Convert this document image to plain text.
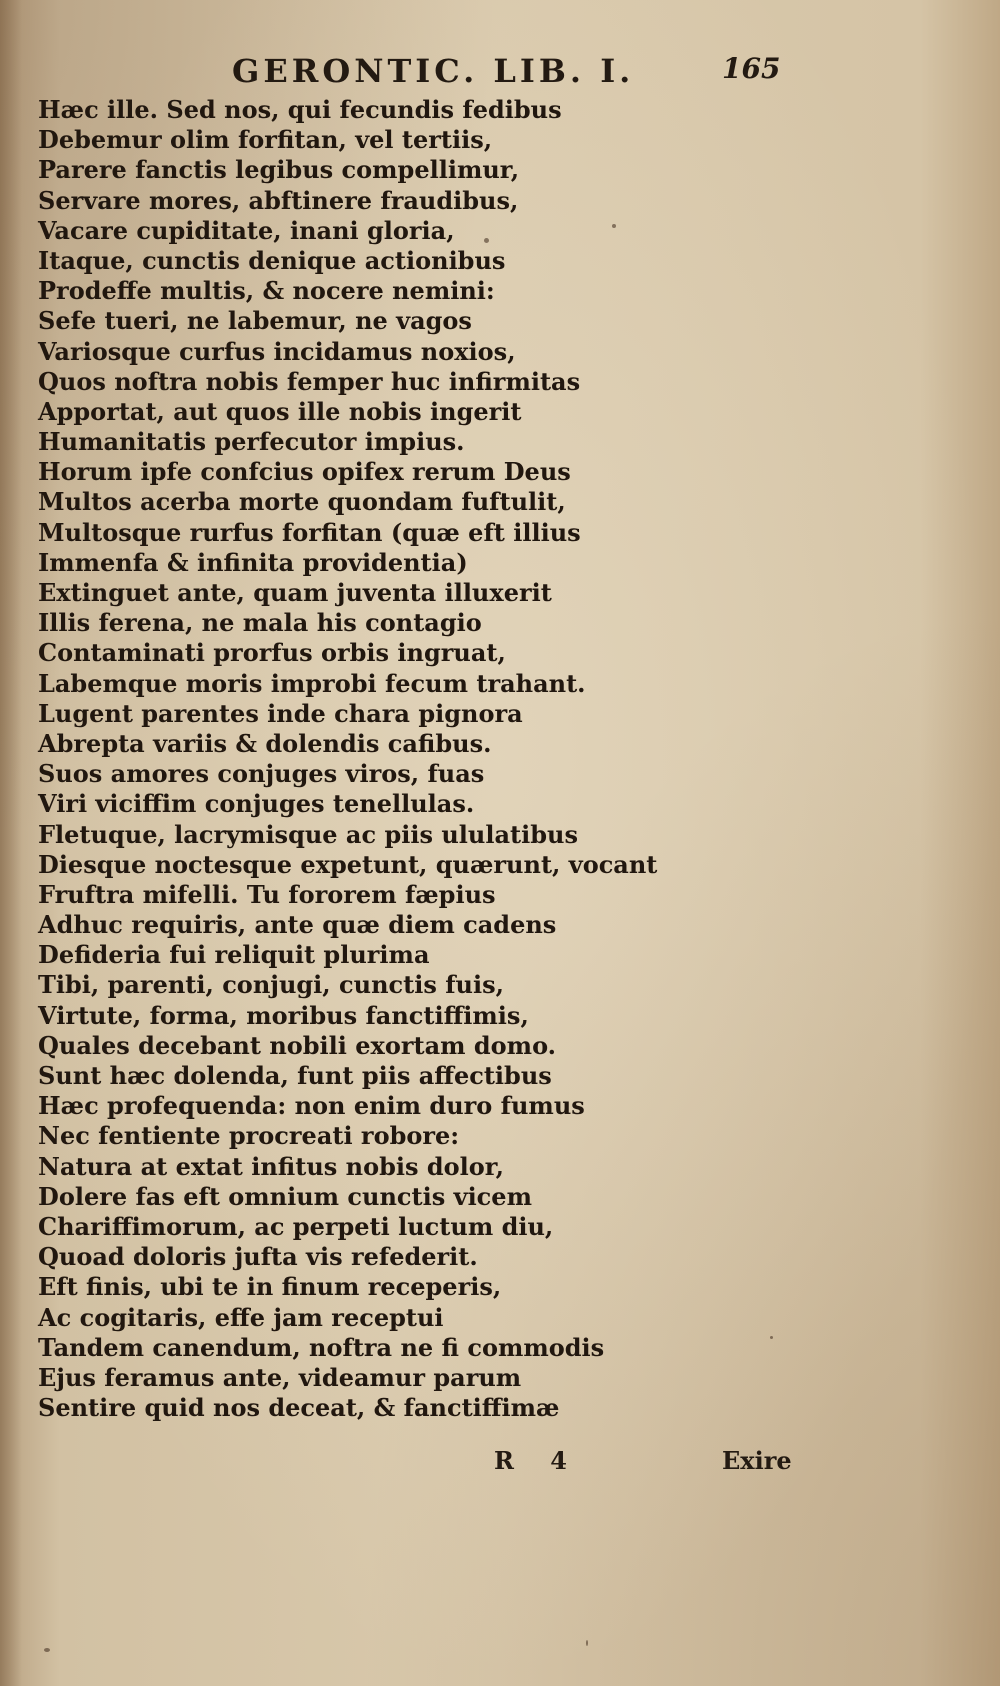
GERONTIC. LIB. I.	165
Hæc ille. Sed nos, qui fecundis fedibus
Debemur olim forfitan, vel tertiis,
Parere fanctis legibus compellimur,
Servare mores, abftinere fraudibus,
Vacare cupiditate, inani gloria,
Itaque, cunctis denique actionibus
Prodeffe multis, & nocere nemini:
Sefe tueri, ne labemur, ne vagos
Variosque curfus incidamus noxios,
Quos noftra nobis femper huc infirmitas
Apportat, aut quos ille nobis ingerit
Humanitatis perfecutor impius.
Horum ipfe confcius opifex rerum Deus
Multos acerba morte quondam fuftulit,
Multosque rurfus forfitan (quæ eft illius
Immenfa & infinita providentia)
Extinguet ante, quam juventa illuxerit
Illis ferena, ne mala his contagio
Contaminati prorfus orbis ingruat,
Labemque moris improbi fecum trahant.
Lugent parentes inde chara pignora
Abrepta variis & dolendis cafibus.
Suos amores conjuges viros, fuas
Viri viciffim conjuges tenellulas.
Fletuque, lacrymisque ac piis ululatibus
Diesque noctesque expetunt, quærunt, vocant
Fruftra mifelli. Tu fororem fæpius
Adhuc requiris, ante quæ diem cadens
Defideria fui reliquit plurima
Tibi, parenti, conjugi, cunctis fuis,
Virtute, forma, moribus fanctiffimis,
Quales decebant nobili exortam domo.
Sunt hæc dolenda, funt piis affectibus
Hæc profequenda: non enim duro fumus
Nec fentiente procreati robore:
Natura at extat infitus nobis dolor,
Dolere fas eft omnium cunctis vicem
Chariffimorum, ac perpeti luctum diu,
Quoad doloris jufta vis refederit.
Eft finis, ubi te in finum receperis,
Ac cogitaris, effe jam receptui
Tandem canendum, noftra ne fi commodis
Ejus feramus ante, videamur parum
Sentire quid nos deceat, & fanctiffimæ
R 4	Exire
